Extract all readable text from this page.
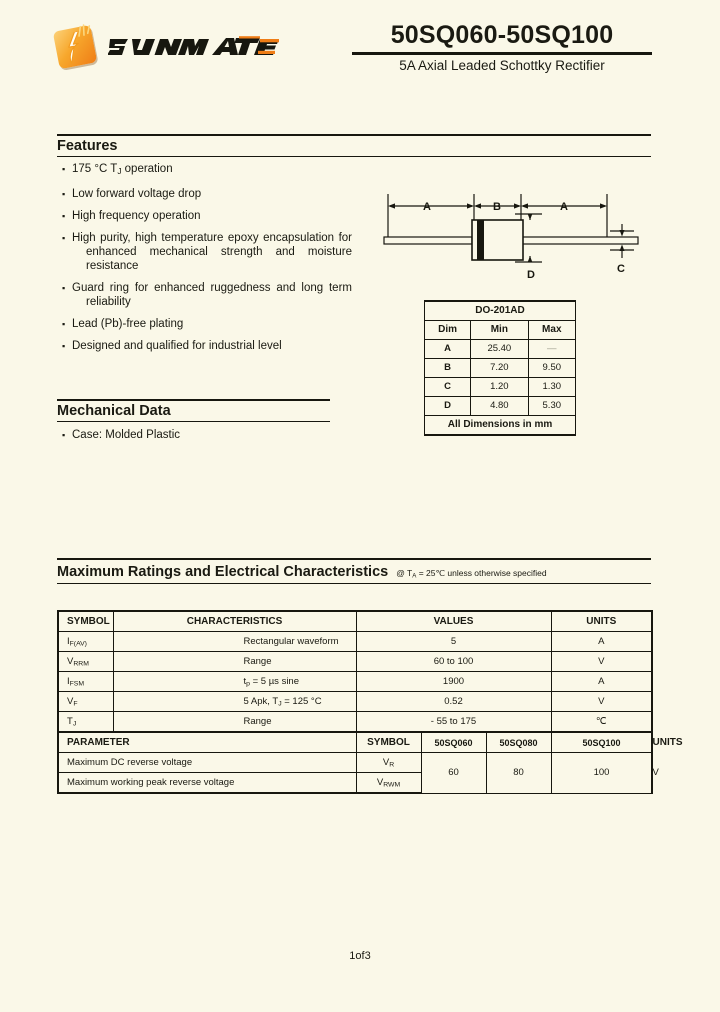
50SQ060-50SQ100
5A Axial Leaded Schottky Rectifier
Features
▪ 175 °C $T_J$ operation
▪ Low forward voltage drop
▪ High frequency operation
▪ High purity, high temperature epoxy encapsulation for
enhanced mechanical strength and moisture resistance
▪ Guard ring for enhanced ruggedness and long term
reliability
▪ Lead (Pb)-free plating
▪ Designed and qualified for industrial level
Mechanical Data
▪ Case: Molded Plastic
A	B	A
D	C
DO-201AD		
Dim	Min	Max
A	25.40	—
B	7.20	9.50
C	1.20	1.30
D	4.80	5.30
All Dimensions in mm		
Maximum Ratings and Electrical Characteristics @ $T_A$ = 25℃ unless otherwise specified
SYMBOL	CHARACTERISTICS	VALUES			UNITS	
$I_{F(AV)}$	Rectangular waveform	5			A	
$V_{RRM}$	Range	60 to 100			V	
$I_{FSM}$	$t_p = 5$ µs sine	1900			A	
$V_F$	5 Apk, $T_J = 125$ °C	0.52			V	
$T_J$	Range	- 55 to 175			℃	
PARAMETER		SYMBOL	50SQ060	50SQ080	50SQ100	UNITS
Maximum DC reverse voltage		$V_R$	60	80	100	V
Maximum working peak reverse voltage		$V_{RWM}$
1of3
